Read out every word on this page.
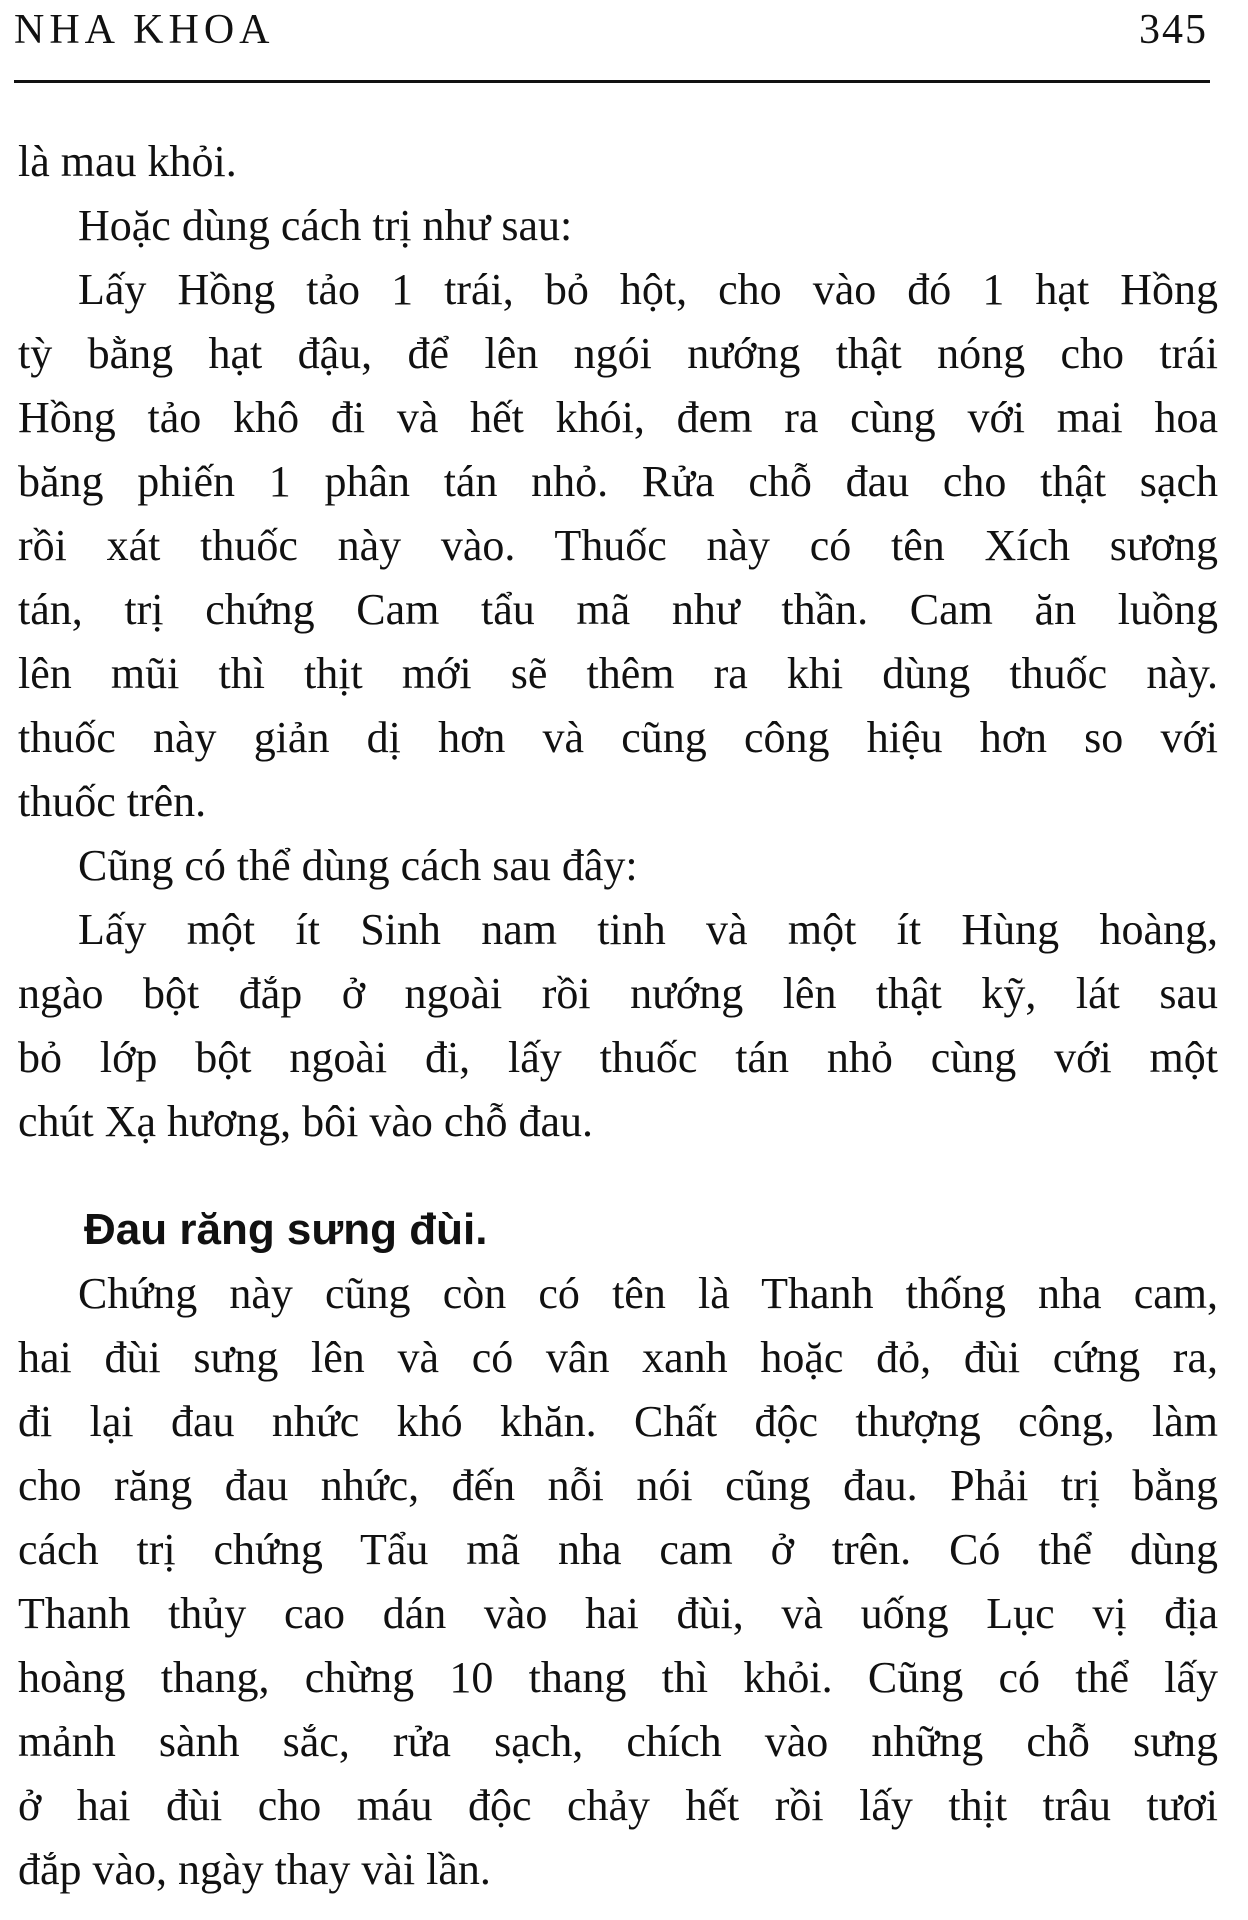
NHA KHOA	345
là mau khỏi.
Hoặc dùng cách trị như sau:
Lấy Hồng tảo 1 trái, bỏ hột, cho vào đó 1 hạt Hồng
tỳ bằng hạt đậu, để lên ngói nướng thật nóng cho trái
Hồng tảo khô đi và hết khói, đem ra cùng với mai hoa
băng phiến 1 phân tán nhỏ. Rửa chỗ đau cho thật sạch
rồi xát thuốc này vào. Thuốc này có tên Xích sương
tán, trị chứng Cam tẩu mã như thần. Cam ăn luồng
lên mũi thì thịt mới sẽ thêm ra khi dùng thuốc này.
thuốc này giản dị hơn và cũng công hiệu hơn so với
thuốc trên.
Cũng có thể dùng cách sau đây:
Lấy một ít Sinh nam tinh và một ít Hùng hoàng,
ngào bột đắp ở ngoài rồi nướng lên thật kỹ, lát sau
bỏ lớp bột ngoài đi, lấy thuốc tán nhỏ cùng với một
chút Xạ hương, bôi vào chỗ đau.
Đau răng sưng đùi.
Chứng này cũng còn có tên là Thanh thống nha cam,
hai đùi sưng lên và có vân xanh hoặc đỏ, đùi cứng ra,
đi lại đau nhức khó khăn. Chất độc thượng công, làm
cho răng đau nhức, đến nỗi nói cũng đau. Phải trị bằng
cách trị chứng Tẩu mã nha cam ở trên. Có thể dùng
Thanh thủy cao dán vào hai đùi, và uống Lục vị địa
hoàng thang, chừng 10 thang thì khỏi. Cũng có thể lấy
mảnh sành sắc, rửa sạch, chích vào những chỗ sưng
ở hai đùi cho máu độc chảy hết rồi lấy thịt trâu tươi
đắp vào, ngày thay vài lần.
